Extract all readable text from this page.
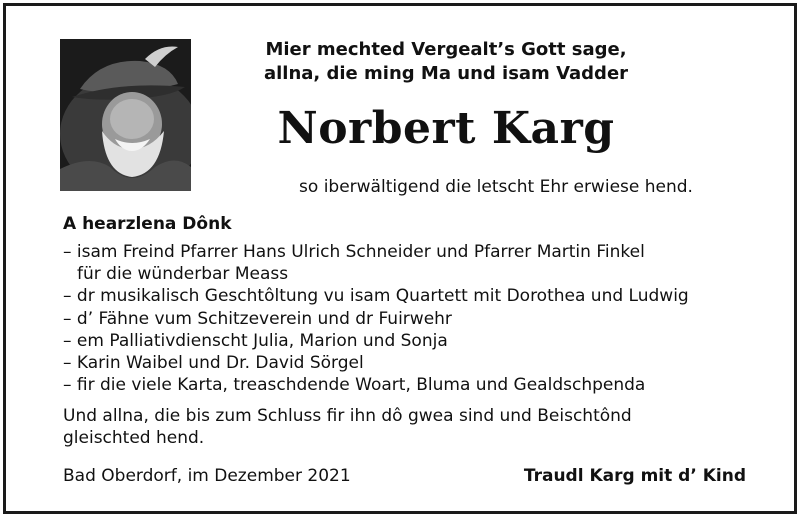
Mier mechted Vergealt’s Gott sage,
allna, die ming Ma und isam Vadder
Norbert Karg
so iberwältigend die letscht Ehr erwiese hend.
A hearzlena Dônk
– isam Freind Pfarrer Hans Ulrich Schneider und Pfarrer Martin Finkel
für die wünderbar Meass
– dr musikalisch Geschtôltung vu isam Quartett mit Dorothea und Ludwig
– d’ Fähne vum Schitzeverein und dr Fuirwehr
– em Palliativdienscht Julia, Marion und Sonja
– Karin Waibel und Dr. David Sörgel
– fir die viele Karta, treaschdende Woart, Bluma und Gealdschpenda
Und allna, die bis zum Schluss fir ihn dô gwea sind und Beischtônd
gleischted hend.
Bad Oberdorf, im Dezember 2021	Traudl Karg mit d’ Kind
